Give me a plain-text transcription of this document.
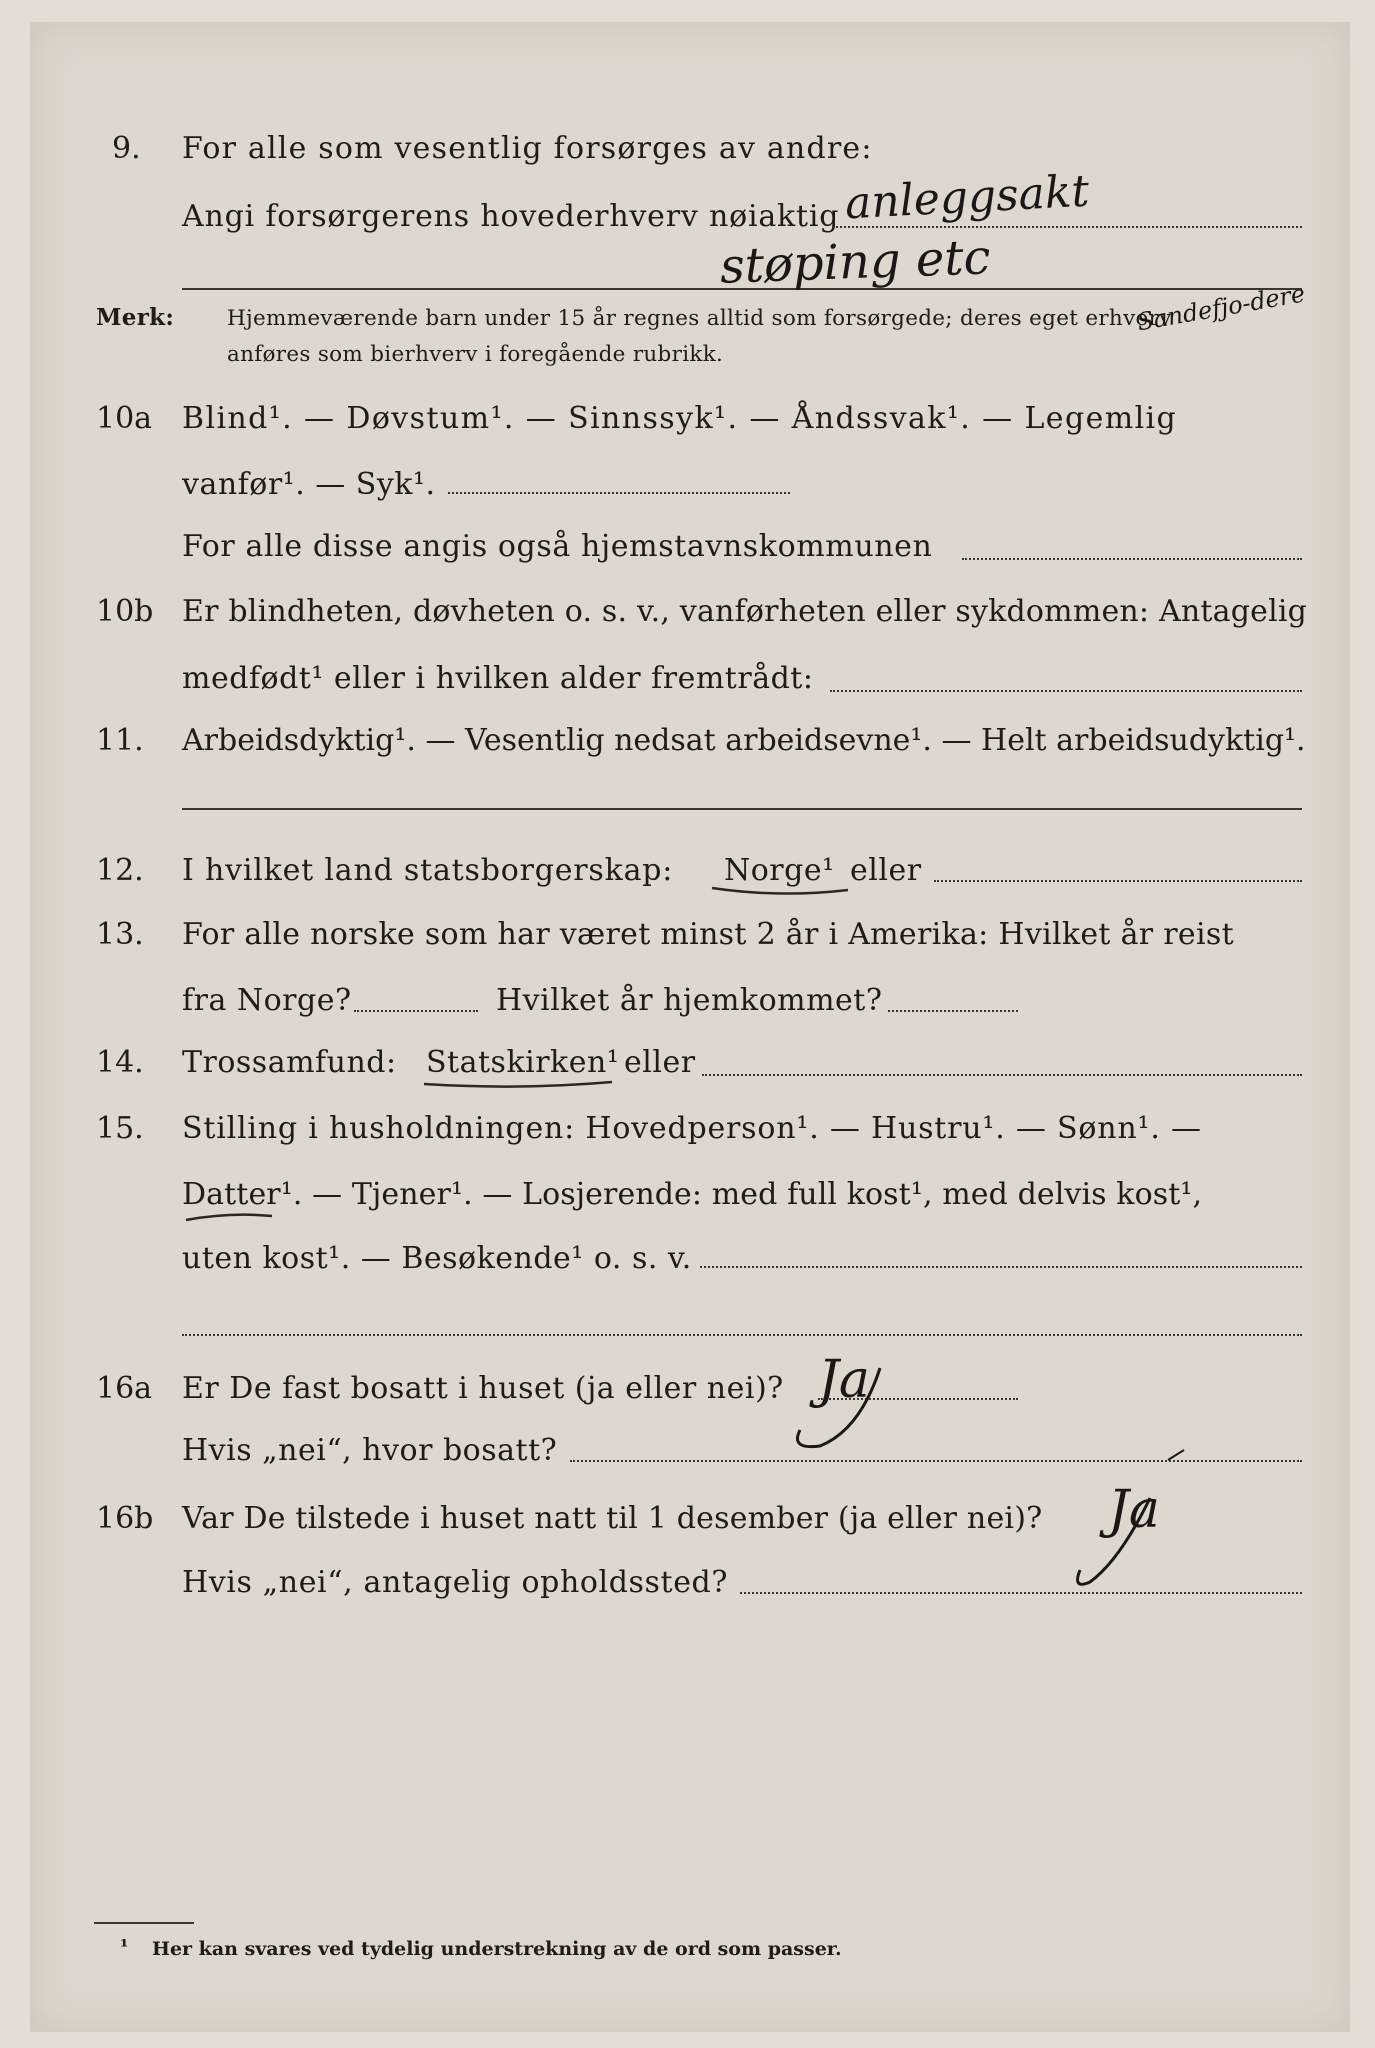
9. For alle som vesentlig forsørges av andre:
Angi forsørgerens hovederhverv nøiaktig anleggsakt
støping etc
Merk: Hjemmeværende barn under 15 år regnes alltid som forsørgede; deres eget erhverv
anføres som bierhverv i foregående rubrikk.
Sandefjo-dere
10a Blind¹. — Døvstum¹. — Sinnssyk¹. — Åndssvak¹. — Legemlig
vanfør¹. — Syk¹.
For alle disse angis også hjemstavnskommunen
10b Er blindheten, døvheten o. s. v., vanførheten eller sykdommen: Antagelig
medfødt¹ eller i hvilken alder fremtrådt:
11. Arbeidsdyktig¹. — Vesentlig nedsat arbeidsevne¹. — Helt arbeidsudyktig¹.
12. I hvilket land statsborgerskap: Norge¹ eller
13. For alle norske som har været minst 2 år i Amerika: Hvilket år reist
fra Norge?	Hvilket år hjemkommet?
14. Trossamfund: Statskirken¹ eller
15. Stilling i husholdningen: Hovedperson¹. — Hustru¹. — Sønn¹. —
Datter¹. — Tjener¹. — Losjerende: med full kost¹, med delvis kost¹,
uten kost¹. — Besøkende¹ o. s. v.
16a Er De fast bosatt i huset (ja eller nei)? Ja
Hvis „nei“, hvor bosatt?
16b Var De tilstede i huset natt til 1 desember (ja eller nei)? Ja
Hvis „nei“, antagelig opholdssted?
¹ Her kan svares ved tydelig understrekning av de ord som passer.
